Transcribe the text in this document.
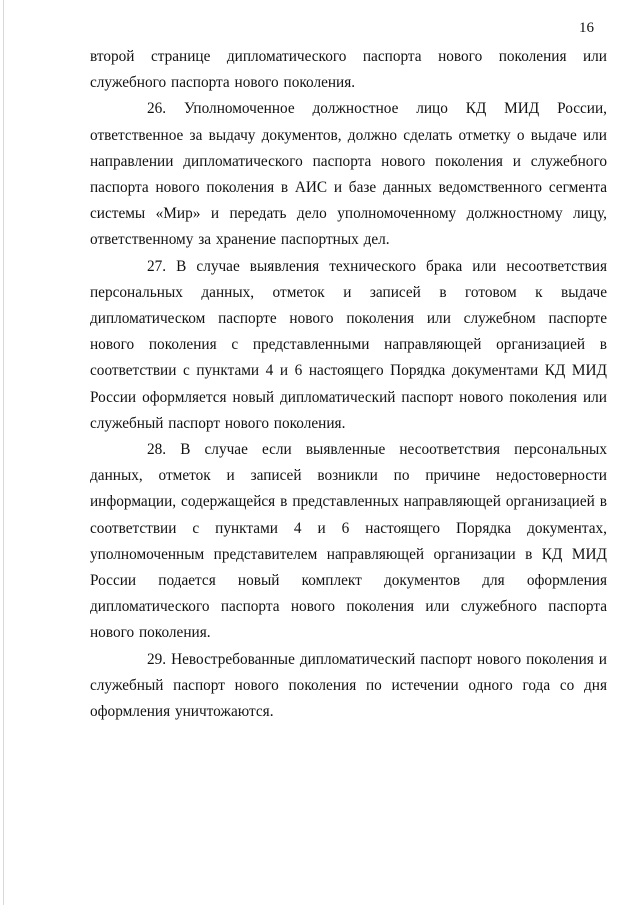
16

второй странице дипломатического паспорта нового поколения или служебного паспорта нового поколения.

26. Уполномоченное должностное лицо КД МИД России, ответственное за выдачу документов, должно сделать отметку о выдаче или направлении дипломатического паспорта нового поколения и служебного паспорта нового поколения в АИС и базе данных ведомственного сегмента системы «Мир» и передать дело уполномоченному должностному лицу, ответственному за хранение паспортных дел.

27. В случае выявления технического брака или несоответствия персональных данных, отметок и записей в готовом к выдаче дипломатическом паспорте нового поколения или служебном паспорте нового поколения с представленными направляющей организацией в соответствии с пунктами 4 и 6 настоящего Порядка документами КД МИД России оформляется новый дипломатический паспорт нового поколения или служебный паспорт нового поколения.

28. В случае если выявленные несоответствия персональных данных, отметок и записей возникли по причине недостоверности информации, содержащейся в представленных направляющей организацией в соответствии с пунктами 4 и 6 настоящего Порядка документах, уполномоченным представителем направляющей организации в КД МИД России подается новый комплект документов для оформления дипломатического паспорта нового поколения или служебного паспорта нового поколения.

29. Невостребованные дипломатический паспорт нового поколения и служебный паспорт нового поколения по истечении одного года со дня оформления уничтожаются.
